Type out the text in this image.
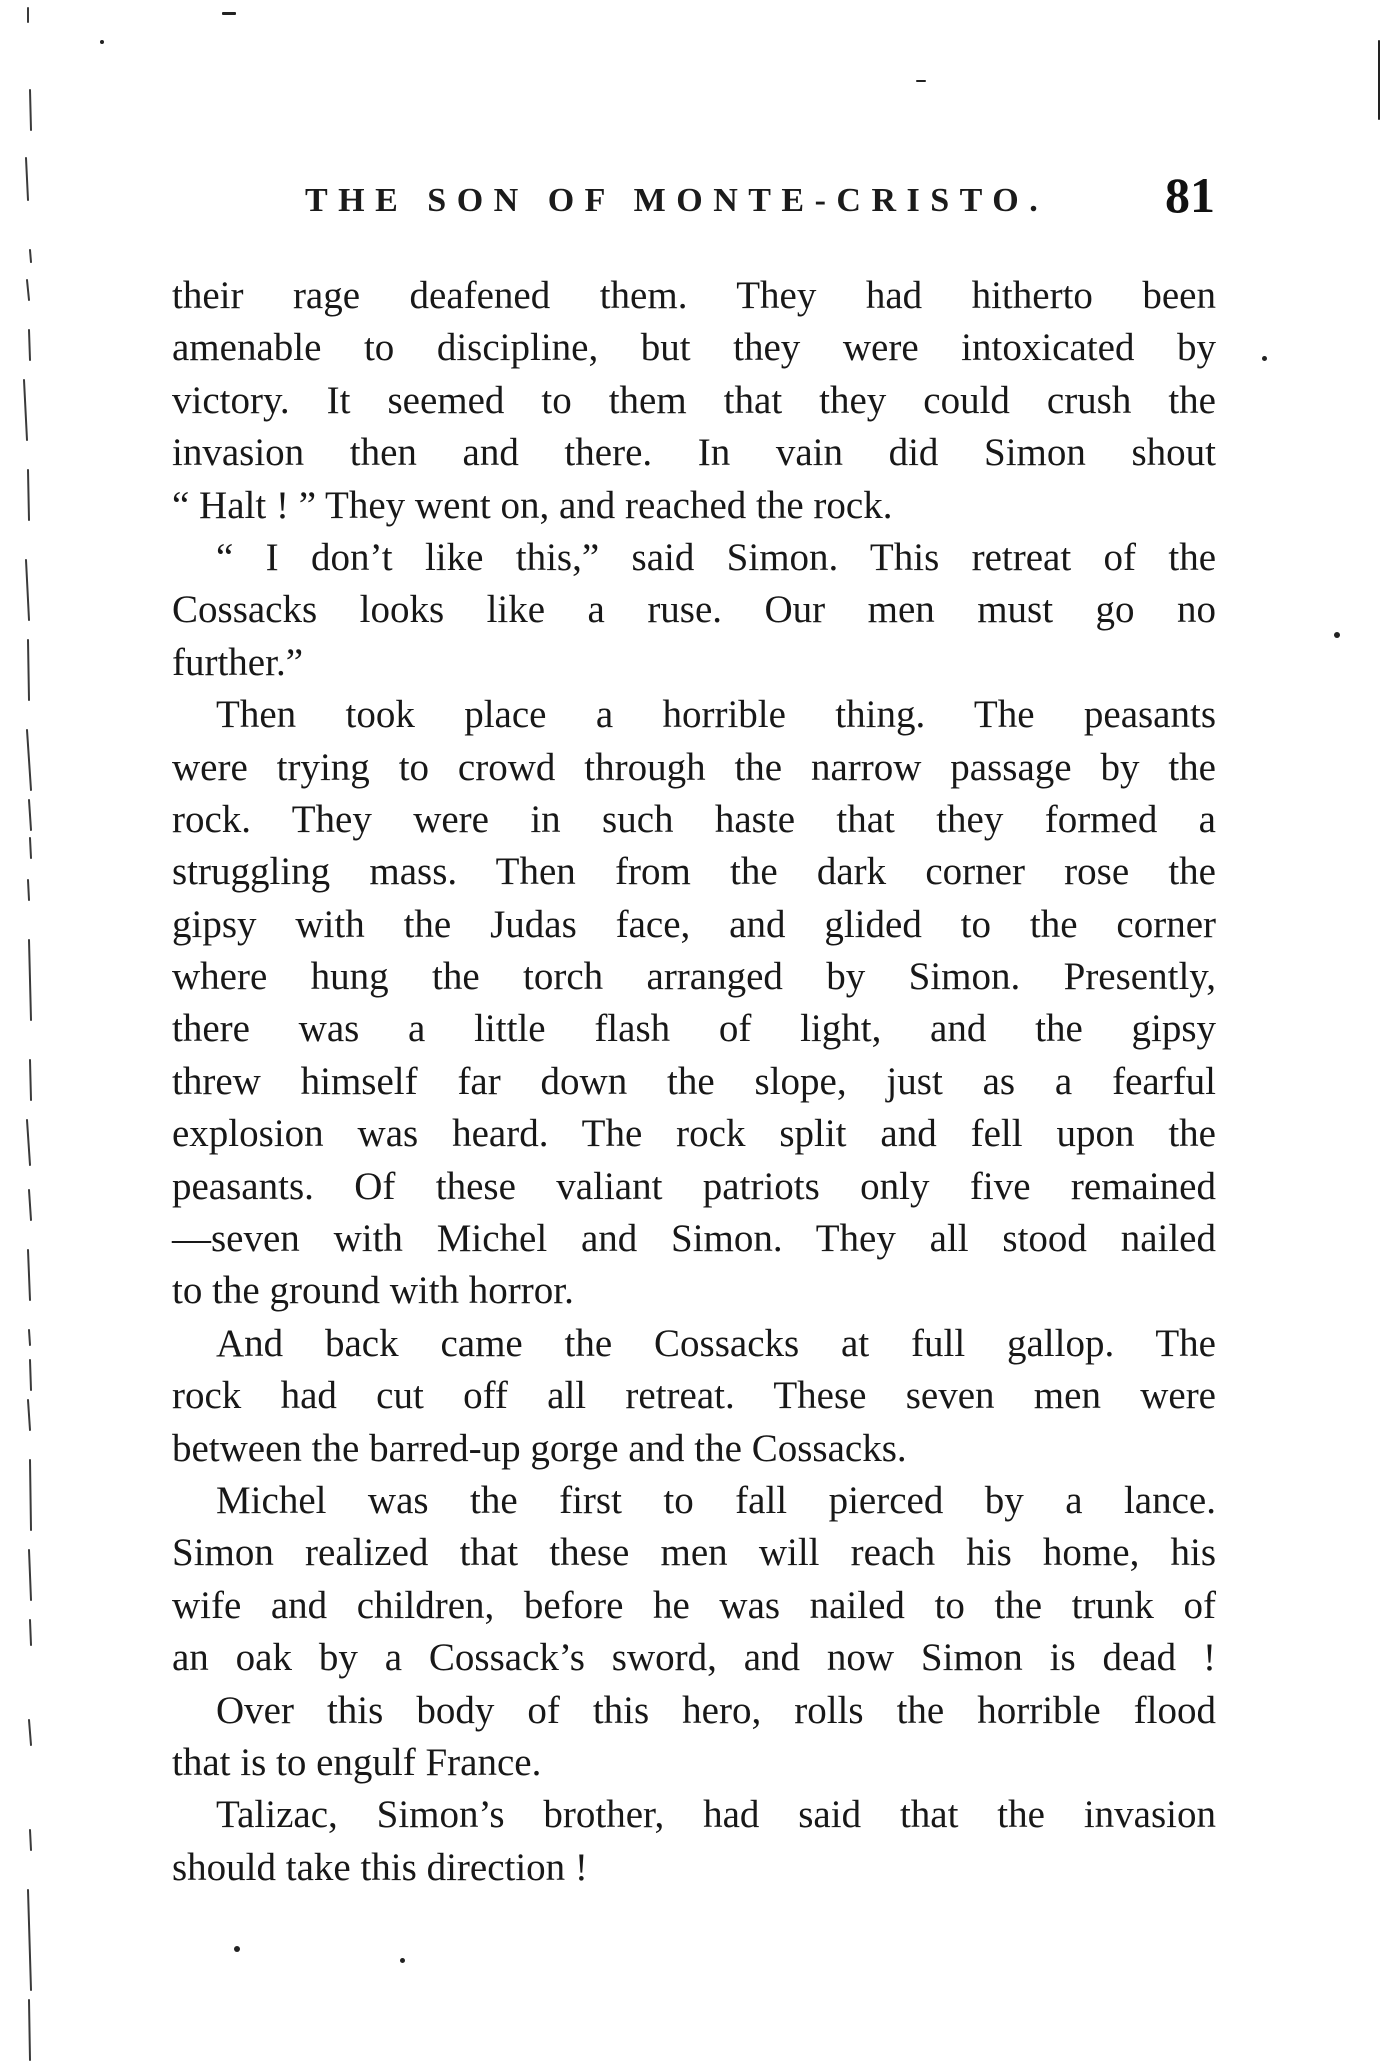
THE SON OF MONTE-CRISTO. 81
their rage deafened them. They had hitherto been
amenable to discipline, but they were intoxicated by
victory. It seemed to them that they could crush the
invasion then and there. In vain did Simon shout
“ Halt ! ” They went on, and reached the rock.
“ I don’t like this,” said Simon. This retreat of the
Cossacks looks like a ruse. Our men must go no
further.”
Then took place a horrible thing. The peasants
were trying to crowd through the narrow passage by the
rock. They were in such haste that they formed a
struggling mass. Then from the dark corner rose the
gipsy with the Judas face, and glided to the corner
where hung the torch arranged by Simon. Presently,
there was a little flash of light, and the gipsy
threw himself far down the slope, just as a fearful
explosion was heard. The rock split and fell upon the
peasants. Of these valiant patriots only five remained
—seven with Michel and Simon. They all stood nailed
to the ground with horror.
And back came the Cossacks at full gallop. The
rock had cut off all retreat. These seven men were
between the barred-up gorge and the Cossacks.
Michel was the first to fall pierced by a lance.
Simon realized that these men will reach his home, his
wife and children, before he was nailed to the trunk of
an oak by a Cossack’s sword, and now Simon is dead !
Over this body of this hero, rolls the horrible flood
that is to engulf France.
Talizac, Simon’s brother, had said that the invasion
should take this direction !
